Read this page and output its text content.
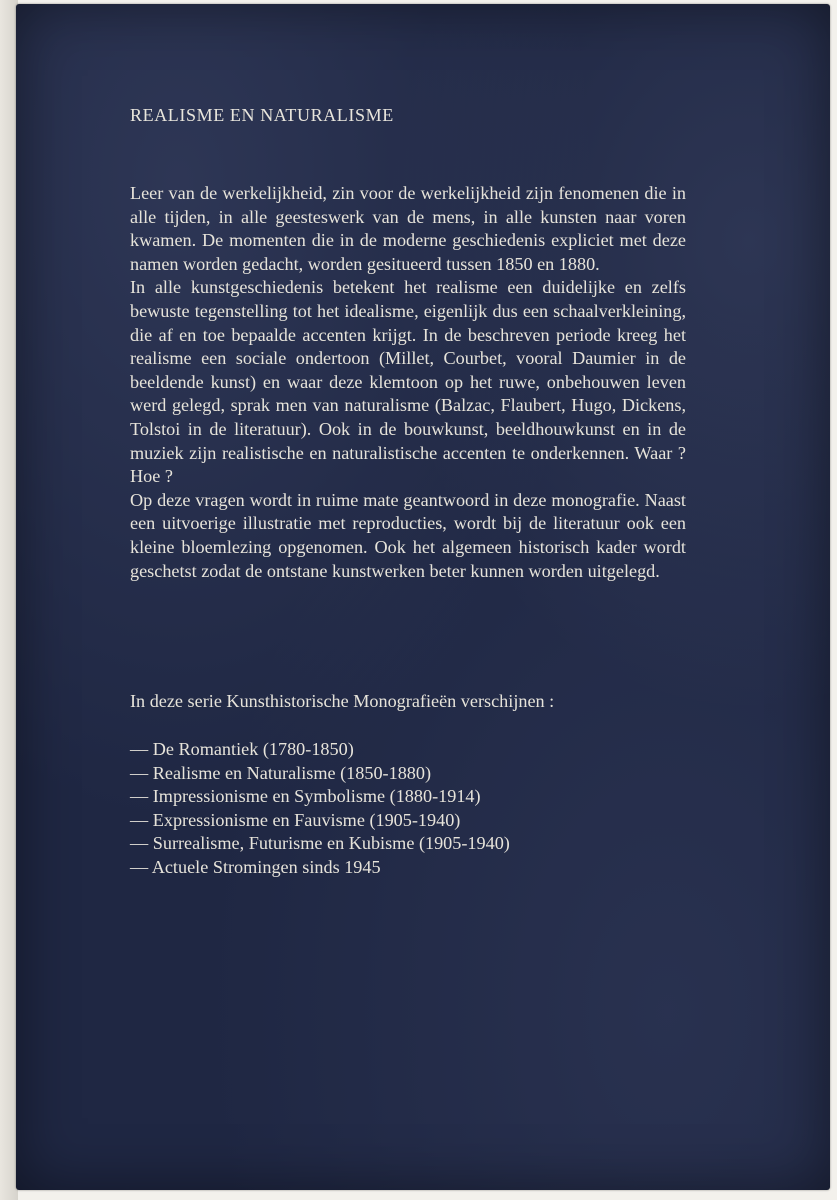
REALISME EN NATURALISME
Leer van de werkelijkheid, zin voor de werkelijkheid zijn fenomenen die in alle tijden, in alle geesteswerk van de mens, in alle kunsten naar voren kwamen. De momenten die in de moderne geschiedenis expliciet met deze namen worden gedacht, worden gesitueerd tussen 1850 en 1880.
In alle kunstgeschiedenis betekent het realisme een duidelijke en zelfs bewuste tegenstelling tot het idealisme, eigenlijk dus een schaalverkleining, die af en toe bepaalde accenten krijgt. In de beschreven periode kreeg het realisme een sociale ondertoon (Millet, Courbet, vooral Daumier in de beeldende kunst) en waar deze klemtoon op het ruwe, onbehouwen leven werd gelegd, sprak men van naturalisme (Balzac, Flaubert, Hugo, Dickens, Tolstoi in de literatuur). Ook in de bouwkunst, beeldhouwkunst en in de muziek zijn realistische en naturalistische accenten te onderkennen. Waar ? Hoe ?
Op deze vragen wordt in ruime mate geantwoord in deze monografie. Naast een uitvoerige illustratie met reproducties, wordt bij de literatuur ook een kleine bloemlezing opgenomen. Ook het algemeen historisch kader wordt geschetst zodat de ontstane kunstwerken beter kunnen worden uitgelegd.
In deze serie Kunsthistorische Monografieën verschijnen :
— De Romantiek (1780-1850)
— Realisme en Naturalisme (1850-1880)
— Impressionisme en Symbolisme (1880-1914)
— Expressionisme en Fauvisme (1905-1940)
— Surrealisme, Futurisme en Kubisme (1905-1940)
— Actuele Stromingen sinds 1945
